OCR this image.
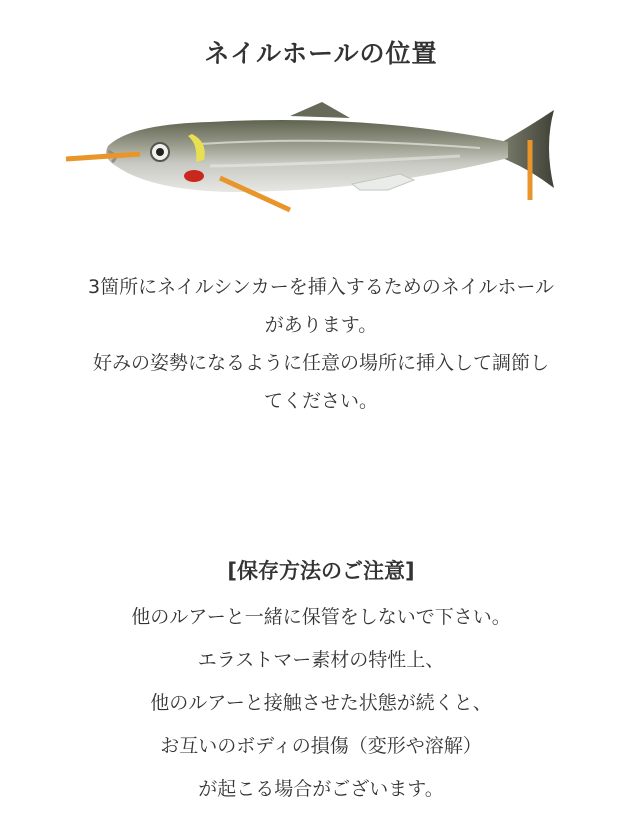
ネイルホールの位置

3箇所にネイルシンカーを挿入するためのネイルホール

があります。

好みの姿勢になるように任意の場所に挿入して調節し

てください。

[保存方法のご注意]

他のルアーと一緒に保管をしないで下さい。

エラストマー素材の特性上、

他のルアーと接触させた状態が続くと、

お互いのボディの損傷（変形や溶解）

が起こる場合がございます。
